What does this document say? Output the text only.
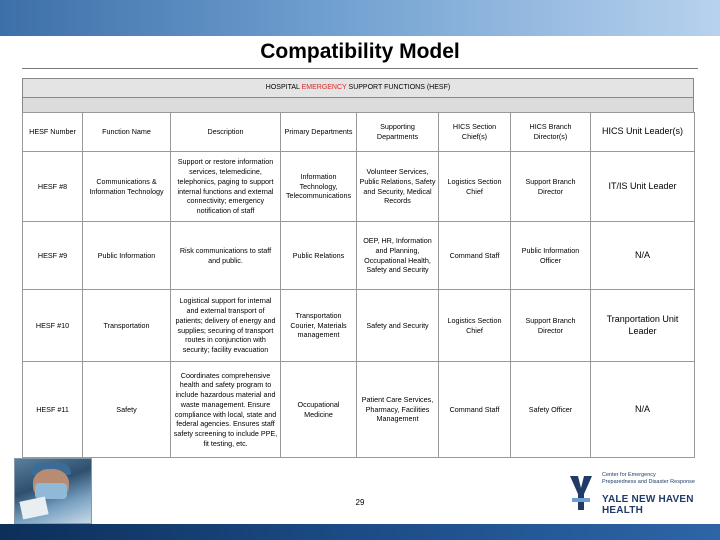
Compatibility Model
HOSPITAL EMERGENCY SUPPORT FUNCTIONS (HESF)
HESF Number	Function Name	Description	Primary Departments	Supporting Departments	HICS Section Chief(s)	HICS Branch Director(s)	HICS Unit Leader(s)
HESF #8	Communications & Information Technology	Support or restore information services, telemedicine, telephonics, paging to support internal functions and external connectivity; emergency notification of staff	Information Technology, Telecommunications	Volunteer Services, Public Relations, Safety and Security, Medical Records	Logistics Section Chief	Support Branch Director	IT/IS Unit Leader
HESF #9	Public Information	Risk communications to staff and public.	Public Relations	OEP, HR, Information and Planning, Occupational Health, Safety and Security	Command Staff	Public Information Officer	N/A
HESF #10	Transportation	Logistical support for internal and external transport of patients; delivery of energy and supplies; securing of transport routes in conjunction with security; facility evacuation	Transportation Courier, Materials management	Safety and Security	Logistics Section Chief	Support Branch Director	Tranportation Unit Leader
HESF #11	Safety	Coordinates comprehensive health and safety program to include hazardous material and waste management. Ensure compliance with local, state and federal agencies. Ensures staff safety screening to include PPE, fit testing, etc.	Occupational Medicine	Patient Care Services, Pharmacy, Facilities Management	Command Staff	Safety Officer	N/A
29
Center for Emergency
Preparedness and Disaster Response
YALE NEW HAVEN
HEALTH
